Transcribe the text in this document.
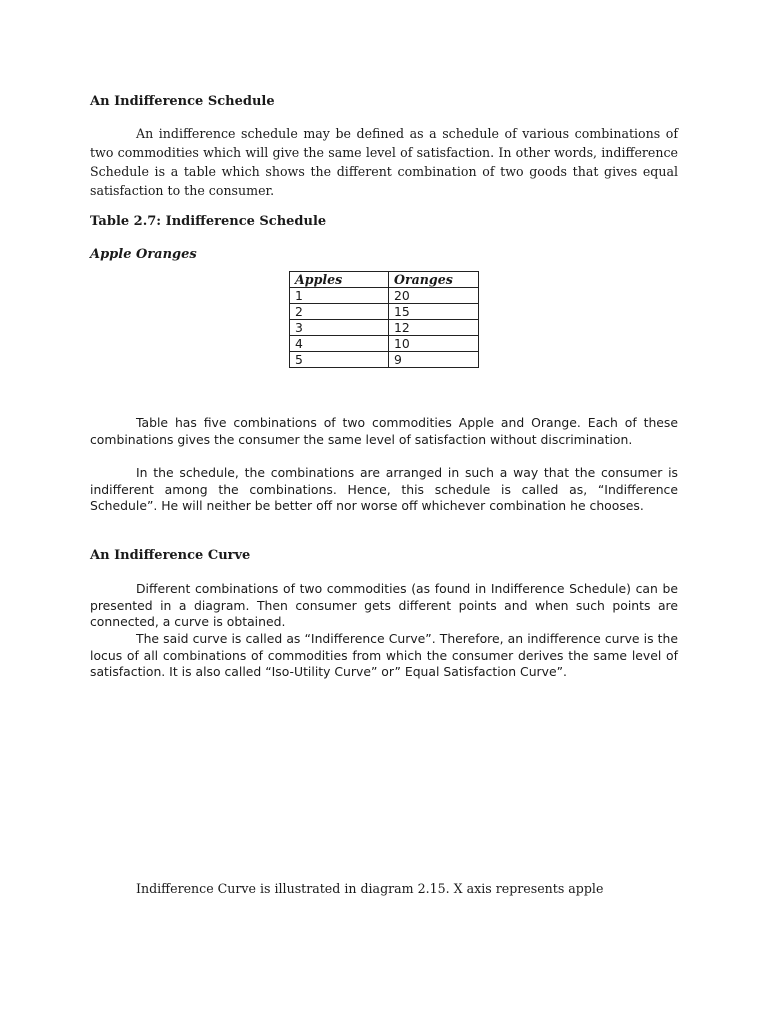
An Indifference Schedule

An indifference schedule may be defined as a schedule of various combinations of two commodities which will give the same level of satisfaction. In other words, indifference Schedule is a table which shows the different combination of two goods that gives equal satisfaction to the consumer.

Table 2.7: Indifference Schedule
Apple Oranges
Apples	Oranges
1	20
2	15
3	12
4	10
5	9

Table has five combinations of two commodities Apple and Orange. Each of these combinations gives the consumer the same level of satisfaction without discrimination.

In the schedule, the combinations are arranged in such a way that the consumer is indifferent among the combinations. Hence, this schedule is called as, “Indifference Schedule”. He will neither be better off nor worse off whichever combination he chooses.

An Indifference Curve

Different combinations of two commodities (as found in Indifference Schedule) can be presented in a diagram. Then consumer gets different points and when such points are connected, a curve is obtained.

The said curve is called as “Indifference Curve”. Therefore, an indifference curve is the locus of all combinations of commodities from which the consumer derives the same level of satisfaction. It is also called “Iso-Utility Curve” or” Equal Satisfaction Curve”.

Indifference Curve is illustrated in diagram 2.15. X axis represents apple
